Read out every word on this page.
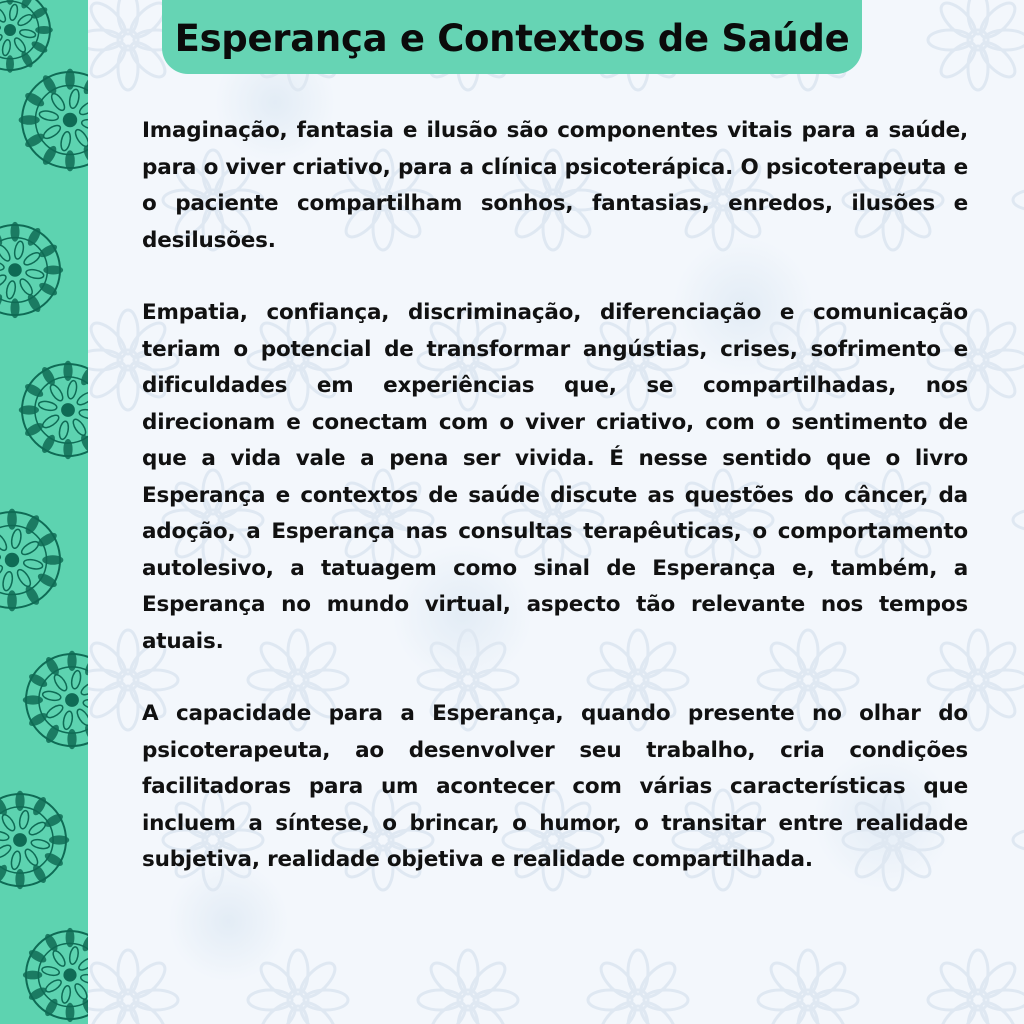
Esperança e Contextos de Saúde

Imaginação, fantasia e ilusão são componentes vitais para a saúde, para o viver criativo, para a clínica psicoterápica. O psicoterapeuta e o paciente compartilham sonhos, fantasias, enredos, ilusões e desilusões.

Empatia, confiança, discriminação, diferenciação e comunicação teriam o potencial de transformar angústias, crises, sofrimento e dificuldades em experiências que, se compartilhadas, nos direcionam e conectam com o viver criativo, com o sentimento de que a vida vale a pena ser vivida. É nesse sentido que o livro Esperança e contextos de saúde discute as questões do câncer, da adoção, a Esperança nas consultas terapêuticas, o comportamento autolesivo, a tatuagem como sinal de Esperança e, também, a Esperança no mundo virtual, aspecto tão relevante nos tempos atuais.

A capacidade para a Esperança, quando presente no olhar do psicoterapeuta, ao desenvolver seu trabalho, cria condições facilitadoras para um acontecer com várias características que incluem a síntese, o brincar, o humor, o transitar entre realidade subjetiva, realidade objetiva e realidade compartilhada.
